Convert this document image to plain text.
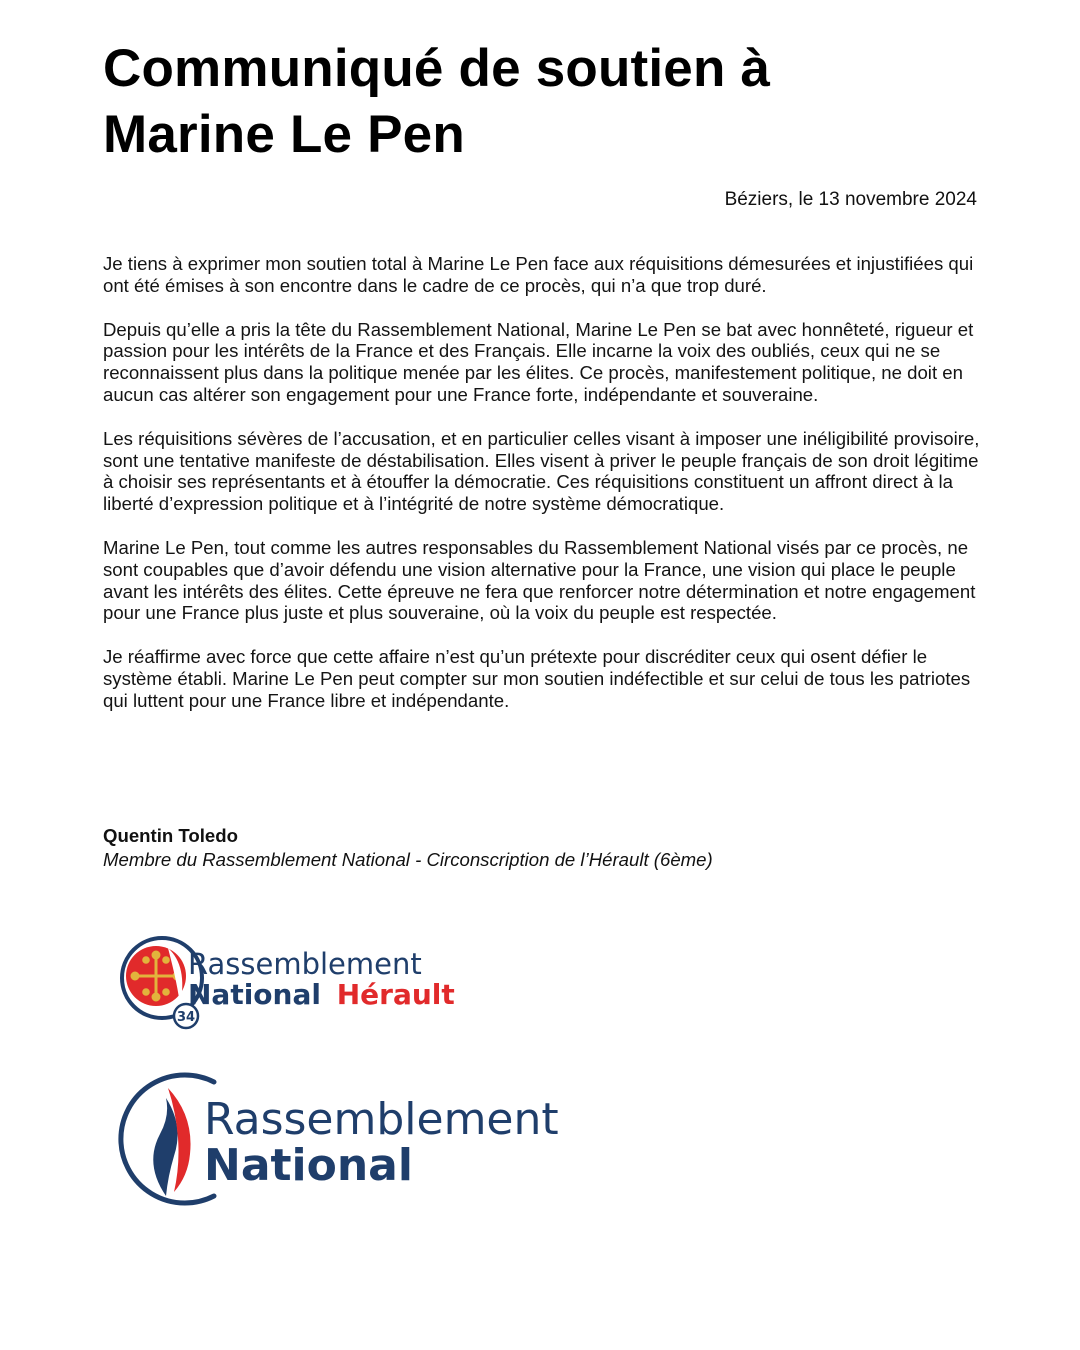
Communiqué de soutien à
Marine Le Pen
Béziers, le 13 novembre 2024

Je tiens à exprimer mon soutien total à Marine Le Pen face aux réquisitions démesurées et injustifiées qui ont été émises à son encontre dans le cadre de ce procès, qui n’a que trop duré.

Depuis qu’elle a pris la tête du Rassemblement National, Marine Le Pen se bat avec honnêteté, rigueur et passion pour les intérêts de la France et des Français. Elle incarne la voix des oubliés, ceux qui ne se reconnaissent plus dans la politique menée par les élites. Ce procès, manifestement politique, ne doit en aucun cas altérer son engagement pour une France forte, indépendante et souveraine.

Les réquisitions sévères de l’accusation, et en particulier celles visant à imposer une inéligibilité provisoire, sont une tentative manifeste de déstabilisation. Elles visent à priver le peuple français de son droit légitime à choisir ses représentants et à étouffer la démocratie. Ces réquisitions constituent un affront direct à la liberté d’expression politique et à l’intégrité de notre système démocratique.

Marine Le Pen, tout comme les autres responsables du Rassemblement National visés par ce procès, ne sont coupables que d’avoir défendu une vision alternative pour la France, une vision qui place le peuple avant les intérêts des élites. Cette épreuve ne fera que renforcer notre détermination et notre engagement pour une France plus juste et plus souveraine, où la voix du peuple est respectée.

Je réaffirme avec force que cette affaire n’est qu’un prétexte pour discréditer ceux qui osent défier le système établi. Marine Le Pen peut compter sur mon soutien indéfectible et sur celui de tous les patriotes qui luttent pour une France libre et indépendante.

Quentin Toledo
Membre du Rassemblement National - Circonscription de l’Hérault (6ème)
34
Rassemblement
National Hérault
Rassemblement
National
